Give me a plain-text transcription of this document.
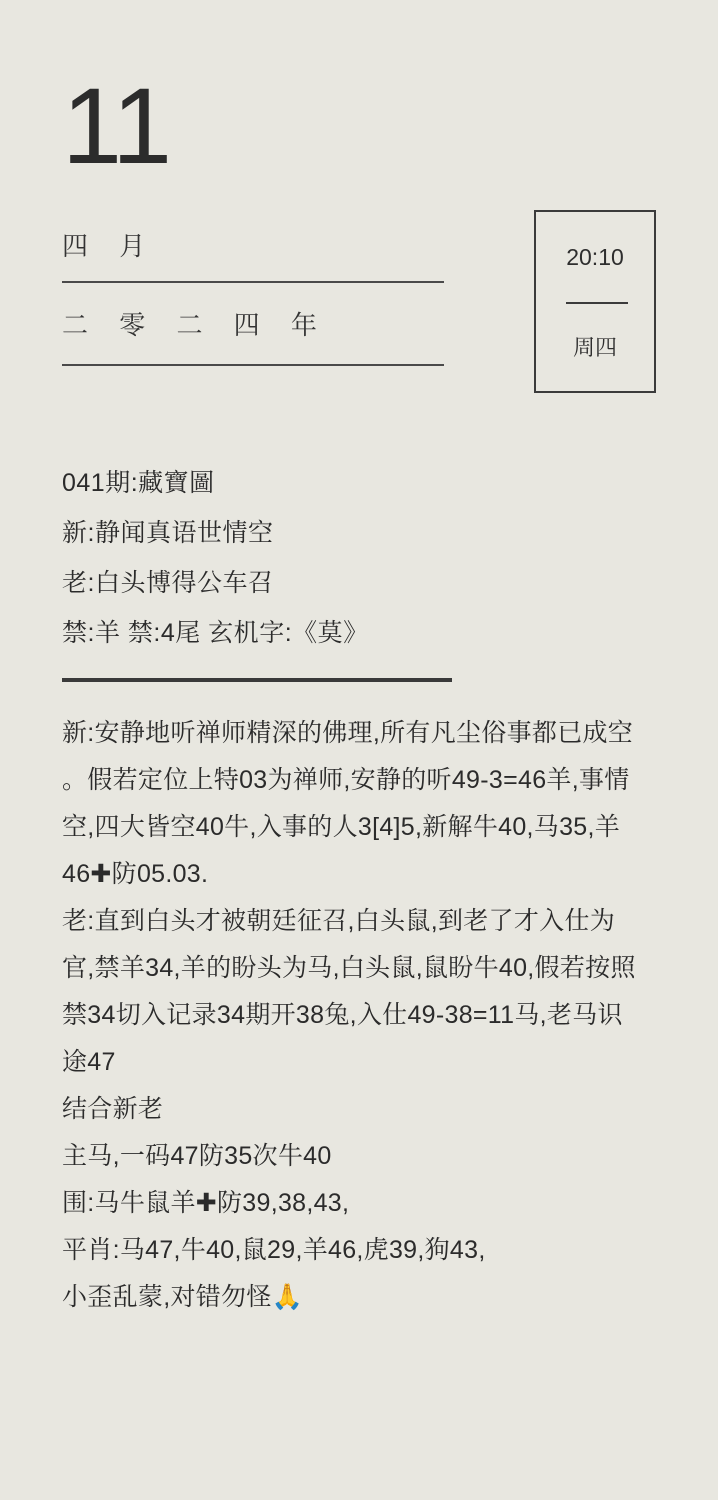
11
四 月
二 零 二 四 年
20:10
周四
041期:藏寶圖
新:静闻真语世情空
老:白头博得公车召
禁:羊 禁:4尾 玄机字:《莫》

新:安静地听禅师精深的佛理,所有凡尘俗事都已成空 。假若定位上特03为禅师,安静的听49-3=46羊,事情空,四大皆空40牛,入事的人3[4]5,新解牛40,马35,羊46✚防05.03.

老:直到白头才被朝廷征召,白头鼠,到老了才入仕为官,禁羊34,羊的盼头为马,白头鼠,鼠盼牛40,假若按照禁34切入记录34期开38兔,入仕49-38=11马,老马识途47

结合新老

主马,一码47防35次牛40

围:马牛鼠羊✚防39,38,43,

平肖:马47,牛40,鼠29,羊46,虎39,狗43,

小歪乱蒙,对错勿怪🙏
